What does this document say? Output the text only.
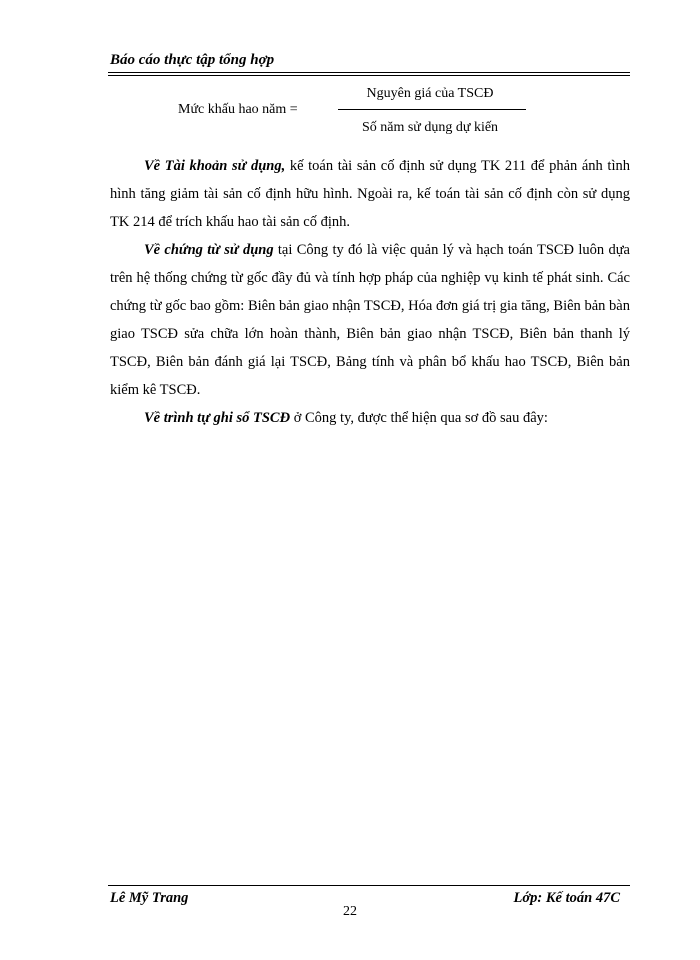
Báo cáo thực tập tổng hợp
Mức khấu hao năm =
Nguyên giá của TSCĐ
Số năm sử dụng dự kiến

Về Tài khoản sử dụng, kế toán tài sản cố định sử dụng TK 211 để phản ánh tình hình tăng giảm tài sản cố định hữu hình. Ngoài ra, kế toán tài sản cố định còn sử dụng TK 214 để trích khấu hao tài sản cố định.

Về chứng từ sử dụng tại Công ty đó là việc quản lý và hạch toán TSCĐ luôn dựa trên hệ thống chứng từ gốc đầy đủ và tính hợp pháp của nghiệp vụ kinh tế phát sinh. Các chứng từ gốc bao gồm: Biên bản giao nhận TSCĐ, Hóa đơn giá trị gia tăng, Biên bản bàn giao TSCĐ sửa chữa lớn hoàn thành, Biên bản giao nhận TSCĐ, Biên bản thanh lý TSCĐ, Biên bản đánh giá lại TSCĐ, Bảng tính và phân bổ khấu hao TSCĐ, Biên bản kiểm kê TSCĐ.

Về trình tự ghi sổ TSCĐ ở Công ty, được thể hiện qua sơ đồ sau đây:

Lê Mỹ Trang	Lớp: Kế toán 47C
22
